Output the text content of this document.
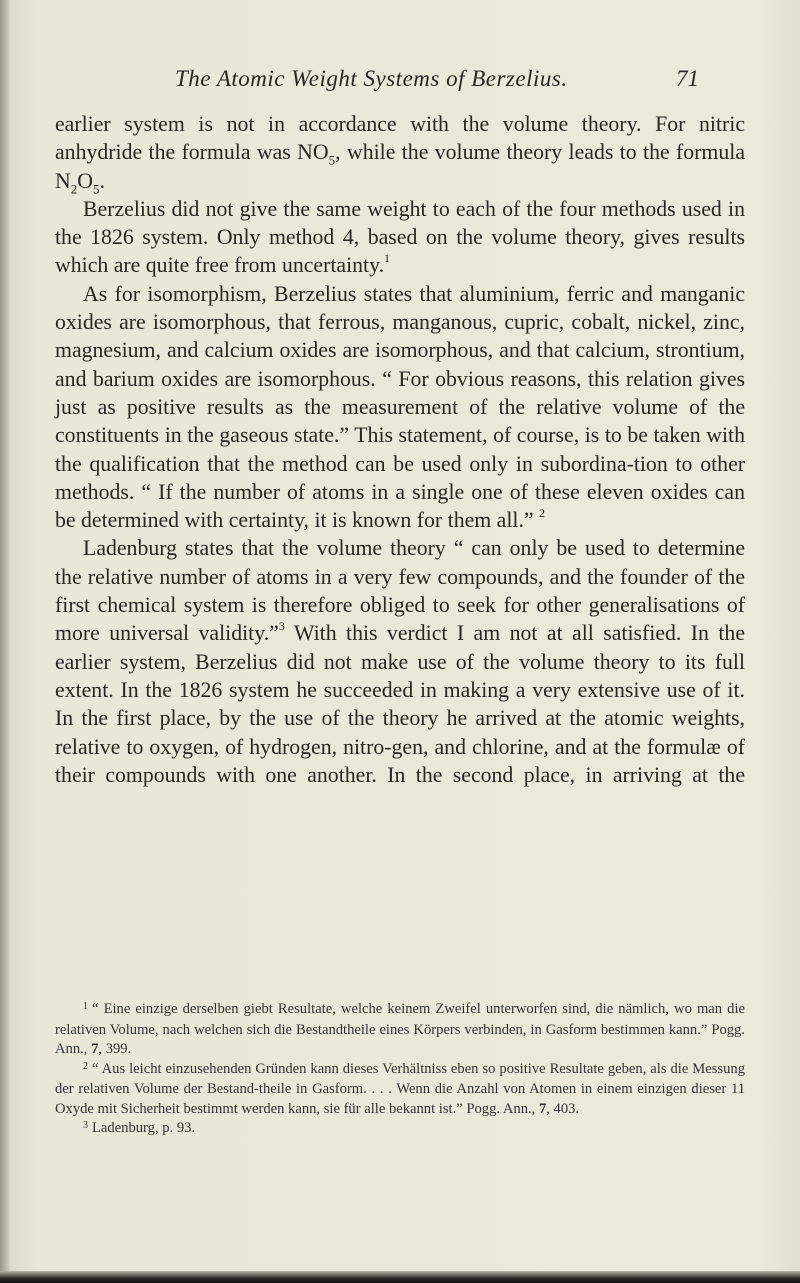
The Atomic Weight Systems of Berzelius.	71

earlier system is not in accordance with the volume theory. For nitric anhydride the formula was $NO_5$, while the volume theory leads to the formula $N_2O_5$.

Berzelius did not give the same weight to each of the four methods used in the 1826 system. Only method 4, based on the volume theory, gives results which are quite free from uncertainty.$^1$

As for isomorphism, Berzelius states that aluminium, ferric and manganic oxides are isomorphous, that ferrous, manganous, cupric, cobalt, nickel, zinc, magnesium, and calcium oxides are isomorphous, and that calcium, strontium, and barium oxides are isomorphous. “ For obvious reasons, this relation gives just as positive results as the measurement of the relative volume of the constituents in the gaseous state.” This statement, of course, is to be taken with the qualification that the method can be used only in subordina-tion to other methods. “ If the number of atoms in a single one of these eleven oxides can be determined with certainty, it is known for them all.” $^2$

Ladenburg states that the volume theory “ can only be used to determine the relative number of atoms in a very few compounds, and the founder of the first chemical system is therefore obliged to seek for other generalisations of more universal validity.”$^3$ With this verdict I am not at all satisfied. In the earlier system, Berzelius did not make use of the volume theory to its full extent. In the 1826 system he succeeded in making a very extensive use of it. In the first place, by the use of the theory he arrived at the atomic weights, relative to oxygen, of hydrogen, nitro-gen, and chlorine, and at the formulæ of their compounds with one another. In the second place, in arriving at the

$^1$ “ Eine einzige derselben giebt Resultate, welche keinem Zweifel unterworfen sind, die nämlich, wo man die relativen Volume, nach welchen sich die Bestandtheile eines Körpers verbinden, in Gasform bestimmen kann.” Pogg. Ann., 7, 399.

$^2$ “ Aus leicht einzusehenden Gründen kann dieses Verhältniss eben so positive Resultate geben, als die Messung der relativen Volume der Bestand-theile in Gasform. . . . Wenn die Anzahl von Atomen in einem einzigen dieser 11 Oxyde mit Sicherheit bestimmt werden kann, sie für alle bekannt ist.” Pogg. Ann., 7, 403.

$^3$ Ladenburg, p. 93.
